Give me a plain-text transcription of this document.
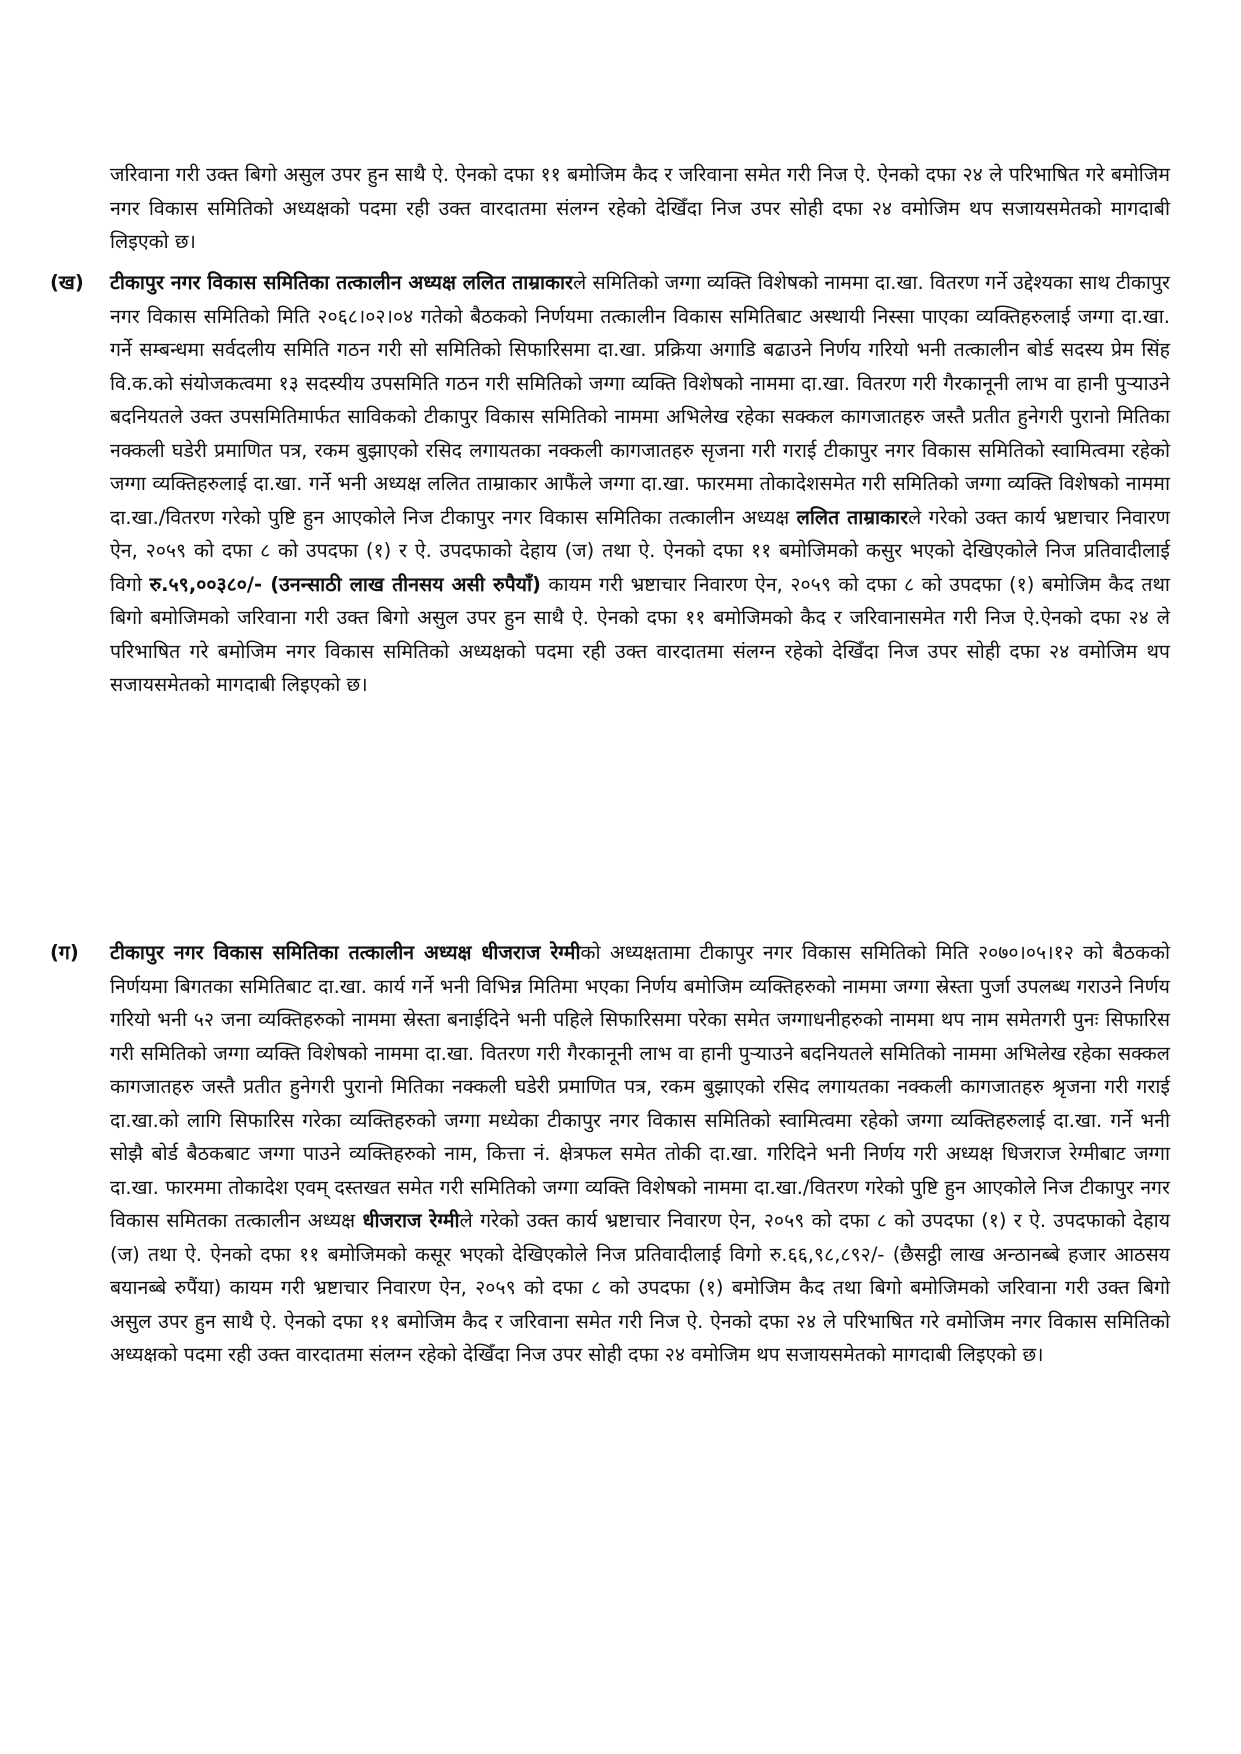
जरिवाना गरी उक्त बिगो असुल उपर हुन साथै ऐ. ऐनको दफा ११ बमोजिम कैद र जरिवाना समेत गरी निज ऐ. ऐनको दफा २४ ले परिभाषित गरे बमोजिम नगर विकास समितिको अध्यक्षको पदमा रही उक्त वारदातमा संलग्न रहेको देखिँदा निज उपर सोही दफा २४ वमोजिम थप सजायसमेतको मागदाबी लिइएको छ।
(ख) टीकापुर नगर विकास समितिका तत्कालीन अध्यक्ष ललित ताम्राकारले समितिको जग्गा व्यक्ति विशेषको नाममा दा.खा. वितरण गर्ने उद्देश्यका साथ टीकापुर नगर विकास समितिको मिति २०६८।०२।०४ गतेको बैठकको निर्णयमा तत्कालीन विकास समितिबाट अस्थायी निस्सा पाएका व्यक्तिहरुलाई जग्गा दा.खा. गर्ने सम्बन्धमा सर्वदलीय समिति गठन गरी सो समितिको सिफारिसमा दा.खा. प्रक्रिया अगाडि बढाउने निर्णय गरियो भनी तत्कालीन बोर्ड सदस्य प्रेम सिंह वि.क.को संयोजकत्वमा १३ सदस्यीय उपसमिति गठन गरी समितिको जग्गा व्यक्ति विशेषको नाममा दा.खा. वितरण गरी गैरकानूनी लाभ वा हानी पुर्‍याउने बदनियतले उक्त उपसमितिमार्फत साविकको टीकापुर विकास समितिको नाममा अभिलेख रहेका सक्कल कागजातहरु जस्तै प्रतीत हुनेगरी पुरानो मितिका नक्कली घडेरी प्रमाणित पत्र, रकम बुझाएको रसिद लगायतका नक्कली कागजातहरु सृजना गरी गराई टीकापुर नगर विकास समितिको स्वामित्वमा रहेको जग्गा व्यक्तिहरुलाई दा.खा. गर्ने भनी अध्यक्ष ललित ताम्राकार आफैंले जग्गा दा.खा. फारममा तोकादेशसमेत गरी समितिको जग्गा व्यक्ति विशेषको नाममा दा.खा./वितरण गरेको पुष्टि हुन आएकोले निज टीकापुर नगर विकास समितिका तत्कालीन अध्यक्ष ललित ताम्राकारले गरेको उक्त कार्य भ्रष्टाचार निवारण ऐन, २०५९ को दफा ८ को उपदफा (१) र ऐ. उपदफाको देहाय (ज) तथा ऐ. ऐनको दफा ११ बमोजिमको कसुर भएको देखिएकोले निज प्रतिवादीलाई विगो रु.५९,००३८०/- (उनन्साठी लाख तीनसय असी रुपैयाँ) कायम गरी भ्रष्टाचार निवारण ऐन, २०५९ को दफा ८ को उपदफा (१) बमोजिम कैद तथा बिगो बमोजिमको जरिवाना गरी उक्त बिगो असुल उपर हुन साथै ऐ. ऐनको दफा ११ बमोजिमको कैद र जरिवानासमेत गरी निज ऐ.ऐनको दफा २४ ले परिभाषित गरे बमोजिम नगर विकास समितिको अध्यक्षको पदमा रही उक्त वारदातमा संलग्न रहेको देखिँदा निज उपर सोही दफा २४ वमोजिम थप सजायसमेतको मागदाबी लिइएको छ।
(ग) टीकापुर नगर विकास समितिका तत्कालीन अध्यक्ष धीजराज रेग्मीको अध्यक्षतामा टीकापुर नगर विकास समितिको मिति २०७०।०५।१२ को बैठकको निर्णयमा बिगतका समितिबाट दा.खा. कार्य गर्ने भनी विभिन्न मितिमा भएका निर्णय बमोजिम व्यक्तिहरुको नाममा जग्गा स्रेस्ता पुर्जा उपलब्ध गराउने निर्णय गरियो भनी ५२ जना व्यक्तिहरुको नाममा स्रेस्ता बनाईदिने भनी पहिले सिफारिसमा परेका समेत जग्गाधनीहरुको नाममा थप नाम समेतगरी पुनः सिफारिस गरी समितिको जग्गा व्यक्ति विशेषको नाममा दा.खा. वितरण गरी गैरकानूनी लाभ वा हानी पुर्‍याउने बदनियतले समितिको नाममा अभिलेख रहेका सक्कल कागजातहरु जस्तै प्रतीत हुनेगरी पुरानो मितिका नक्कली घडेरी प्रमाणित पत्र, रकम बुझाएको रसिद लगायतका नक्कली कागजातहरु श्रृजना गरी गराई दा.खा.को लागि सिफारिस गरेका व्यक्तिहरुको जग्गा मध्येका टीकापुर नगर विकास समितिको स्वामित्वमा रहेको जग्गा व्यक्तिहरुलाई दा.खा. गर्ने भनी सोझै बोर्ड बैठकबाट जग्गा पाउने व्यक्तिहरुको नाम, कित्ता नं. क्षेत्रफल समेत तोकी दा.खा. गरिदिने भनी निर्णय गरी अध्यक्ष धिजराज रेग्मीबाट जग्गा दा.खा. फारममा तोकादेश एवम् दस्तखत समेत गरी समितिको जग्गा व्यक्ति विशेषको नाममा दा.खा./वितरण गरेको पुष्टि हुन आएकोले निज टीकापुर नगर विकास समितका तत्कालीन अध्यक्ष धीजराज रेग्मीले गरेको उक्त कार्य भ्रष्टाचार निवारण ऐन, २०५९ को दफा ८ को उपदफा (१) र ऐ. उपदफाको देहाय (ज) तथा ऐ. ऐनको दफा ११ बमोजिमको कसूर भएको देखिएकोले निज प्रतिवादीलाई विगो रु.६६,९८,८९२/- (छैसट्ठी लाख अन्ठानब्बे हजार आठसय बयानब्बे रुपैंया) कायम गरी भ्रष्टाचार निवारण ऐन, २०५९ को दफा ८ को उपदफा (१) बमोजिम कैद तथा बिगो बमोजिमको जरिवाना गरी उक्त बिगो असुल उपर हुन साथै ऐ. ऐनको दफा ११ बमोजिम कैद र जरिवाना समेत गरी निज ऐ. ऐनको दफा २४ ले परिभाषित गरे वमोजिम नगर विकास समितिको अध्यक्षको पदमा रही उक्त वारदातमा संलग्न रहेको देखिँदा निज उपर सोही दफा २४ वमोजिम थप सजायसमेतको मागदाबी लिइएको छ।
